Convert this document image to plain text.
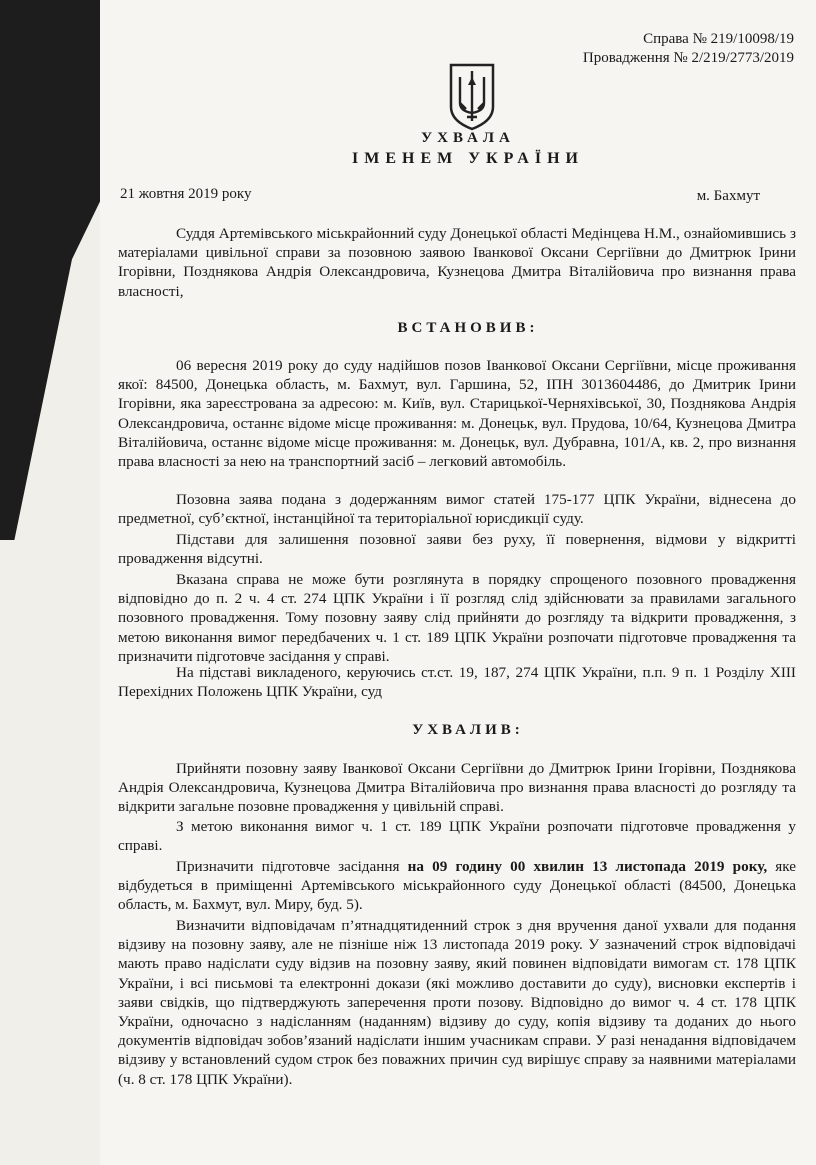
Справа № 219/10098/19
Провадження № 2/219/2773/2019
УХВАЛА
ІМЕНЕМ УКРАЇНИ
21 жовтня 2019 року	м. Бахмут

Суддя Артемівського міськрайонний суду Донецької області Медінцева Н.М., ознайомившись з матеріалами цивільної справи за позовною заявою Іванкової Оксани Сергіївни до Дмитрюк Ірини Ігорівни, Позднякова Андрія Олександровича, Кузнецова Дмитра Віталійовича про визнання права власності,

ВСТАНОВИВ:

06 вересня 2019 року до суду надійшов позов Іванкової Оксани Сергіївни, місце проживання якої: 84500, Донецька область, м. Бахмут, вул. Гаршина, 52, ІПН 3013604486, до Дмитрик Ірини Ігорівни, яка зареєстрована за адресою: м. Київ, вул. Старицької-Черняхівської, 30, Позднякова Андрія Олександровича, останнє відоме місце проживання: м. Донецьк, вул. Прудова, 10/64, Кузнецова Дмитра Віталійовича, останнє відоме місце проживання: м. Донецьк, вул. Дубравна, 101/А, кв. 2, про визнання права власності за нею на транспортний засіб – легковий автомобіль.

Позовна заява подана з додержанням вимог статей 175-177 ЦПК України, віднесена до предметної, суб’єктної, інстанційної та територіальної юрисдикції суду.

Підстави для залишення позовної заяви без руху, її повернення, відмови у відкритті провадження відсутні.

Вказана справа не може бути розглянута в порядку спрощеного позовного провадження відповідно до п. 2 ч. 4 ст. 274 ЦПК України і її розгляд слід здійснювати за правилами загального позовного провадження. Тому позовну заяву слід прийняти до розгляду та відкрити провадження, з метою виконання вимог передбачених ч. 1 ст. 189 ЦПК України розпочати підготовче провадження та призначити підготовче засідання у справі.

На підставі викладеного, керуючись ст.ст. 19, 187, 274 ЦПК України, п.п. 9 п. 1 Розділу XIII Перехідних Положень ЦПК України, суд

УХВАЛИВ:

Прийняти позовну заяву Іванкової Оксани Сергіївни до Дмитрюк Ірини Ігорівни, Позднякова Андрія Олександровича, Кузнецова Дмитра Віталійовича про визнання права власності до розгляду та відкрити загальне позовне провадження у цивільній справі.

З метою виконання вимог ч. 1 ст. 189 ЦПК України розпочати підготовче провадження у справі.

Призначити підготовче засідання на 09 годину 00 хвилин 13 листопада 2019 року, яке відбудеться в приміщенні Артемівського міськрайонного суду Донецької області (84500, Донецька область, м. Бахмут, вул. Миру, буд. 5).

Визначити відповідачам п’ятнадцятиденний строк з дня вручення даної ухвали для подання відзиву на позовну заяву, але не пізніше ніж 13 листопада 2019 року. У зазначений строк відповідачі мають право надіслати суду відзив на позовну заяву, який повинен відповідати вимогам ст. 178 ЦПК України, і всі письмові та електронні докази (які можливо доставити до суду), висновки експертів і заяви свідків, що підтверджують заперечення проти позову. Відповідно до вимог ч. 4 ст. 178 ЦПК України, одночасно з надісланням (наданням) відзиву до суду, копія відзиву та доданих до нього документів відповідач зобов’язаний надіслати іншим учасникам справи. У разі ненадання відповідачем відзиву у встановлений судом строк без поважних причин суд вирішує справу за наявними матеріалами (ч. 8 ст. 178 ЦПК України).
